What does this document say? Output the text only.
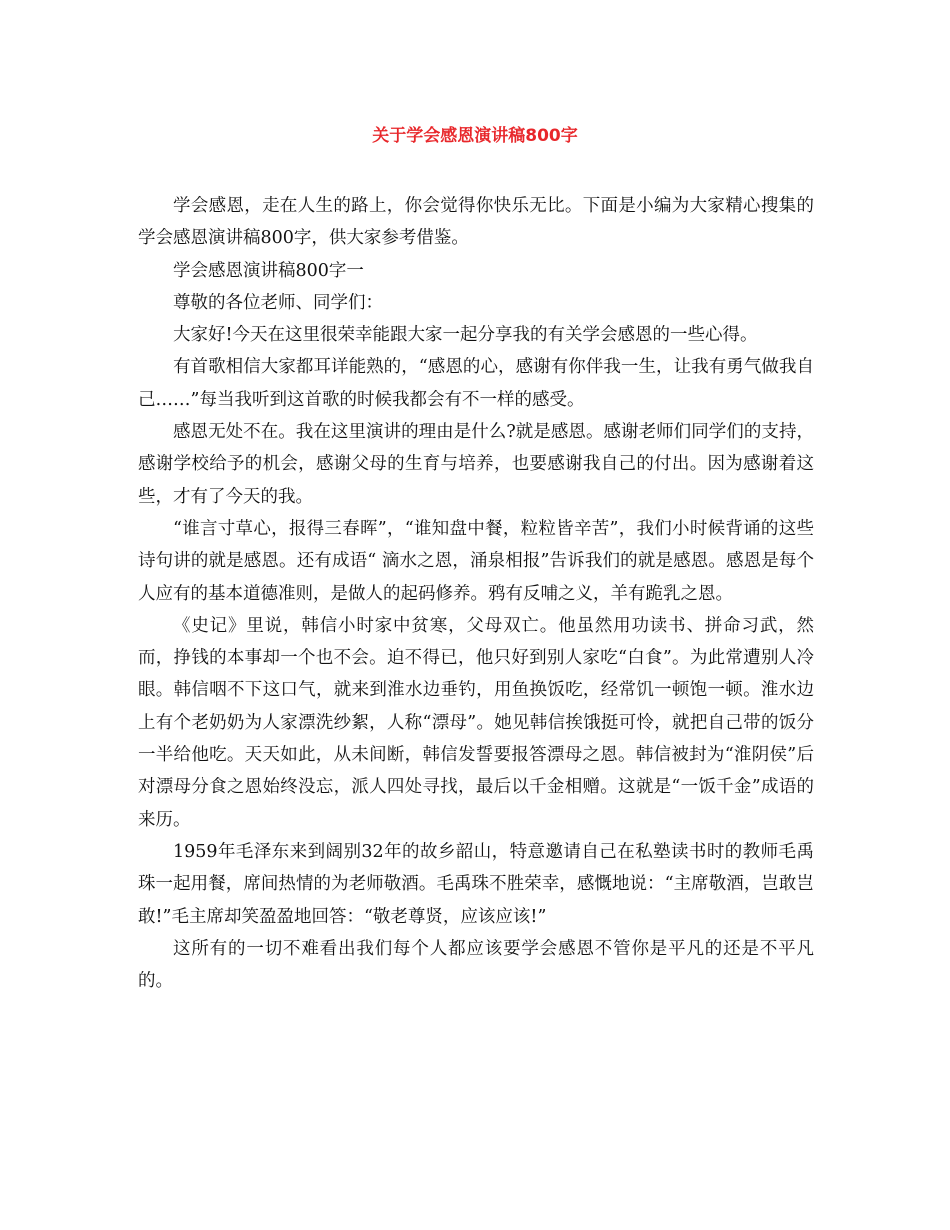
关于学会感恩演讲稿800字

学会感恩，走在人生的路上，你会觉得你快乐无比。下面是小编为大家精心搜集的学会感恩演讲稿800字，供大家参考借鉴。

学会感恩演讲稿800字一

尊敬的各位老师、同学们：

大家好!今天在这里很荣幸能跟大家一起分享我的有关学会感恩的一些心得。

有首歌相信大家都耳详能熟的，“感恩的心，感谢有你伴我一生，让我有勇气做我自己……”每当我听到这首歌的时候我都会有不一样的感受。

感恩无处不在。我在这里演讲的理由是什么?就是感恩。感谢老师们同学们的支持，感谢学校给予的机会，感谢父母的生育与培养，也要感谢我自己的付出。因为感谢着这些，才有了今天的我。

“谁言寸草心，报得三春晖”，“谁知盘中餐，粒粒皆辛苦”，我们小时候背诵的这些诗句讲的就是感恩。还有成语“ 滴水之恩，涌泉相报”告诉我们的就是感恩。感恩是每个人应有的基本道德准则，是做人的起码修养。鸦有反哺之义，羊有跪乳之恩。

《史记》里说，韩信小时家中贫寒，父母双亡。他虽然用功读书、拼命习武，然而，挣钱的本事却一个也不会。迫不得已，他只好到别人家吃“白食”。为此常遭别人冷眼。韩信咽不下这口气，就来到淮水边垂钓，用鱼换饭吃，经常饥一顿饱一顿。淮水边上有个老奶奶为人家漂洗纱絮，人称“漂母”。她见韩信挨饿挺可怜，就把自己带的饭分一半给他吃。天天如此，从未间断，韩信发誓要报答漂母之恩。韩信被封为“淮阴侯”后对漂母分食之恩始终没忘，派人四处寻找，最后以千金相赠。这就是“一饭千金”成语的来历。

1959年毛泽东来到阔别32年的故乡韶山，特意邀请自己在私塾读书时的教师毛禹珠一起用餐，席间热情的为老师敬酒。毛禹珠不胜荣幸，感慨地说：“主席敬酒，岂敢岂敢!”毛主席却笑盈盈地回答：“敬老尊贤，应该应该!”

这所有的一切不难看出我们每个人都应该要学会感恩不管你是平凡的还是不平凡的。
